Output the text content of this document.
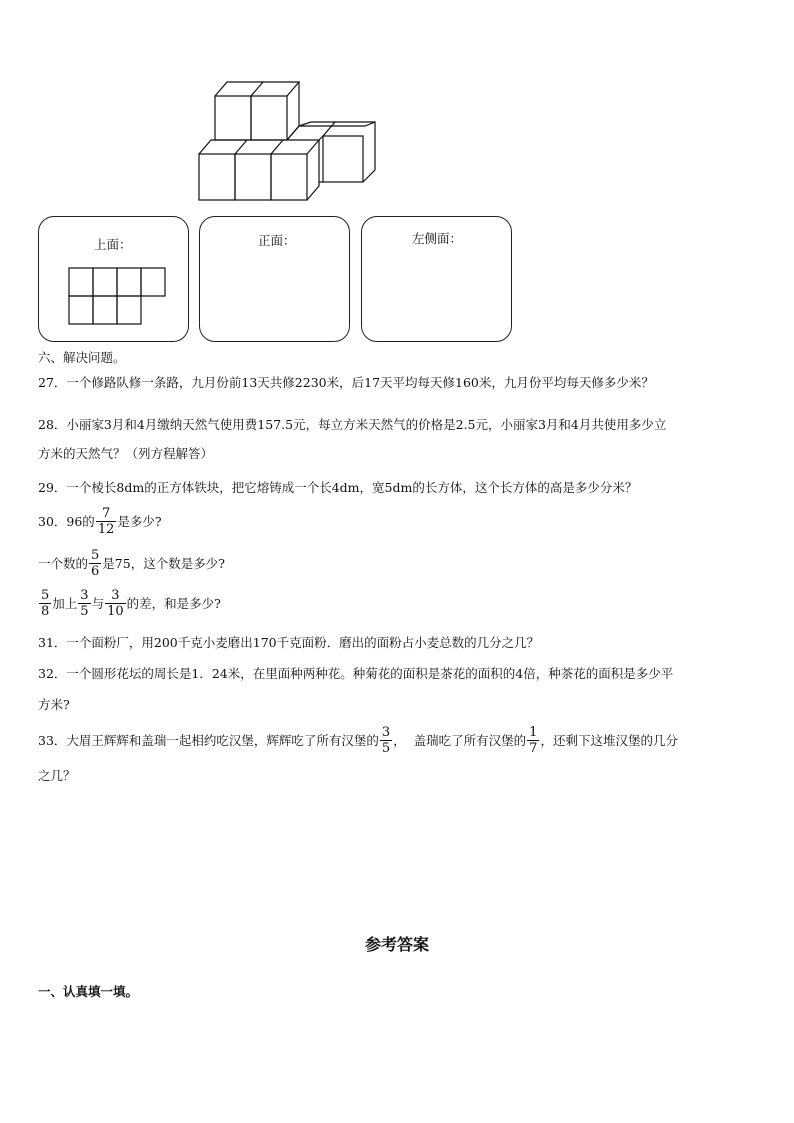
上面：	正面：	左侧面：
六、解决问题。
27．一个修路队修一条路，九月份前13天共修2230米，后17天平均每天修160米，九月份平均每天修多少米？
28．小丽家3月和4月缴纳天然气使用费157.5元，每立方米天然气的价格是2.5元，小丽家3月和4月共使用多少立
方米的天然气？（列方程解答）
29．一个棱长8dm的正方体铁块，把它熔铸成一个长4dm，宽5dm的长方体，这个长方体的高是多少分米？
30．96的 $\frac{7}{12}$ 是多少?
一个数的 $\frac{5}{6}$ 是75，这个数是多少?
$\frac{5}{8}$ 加上 $\frac{3}{5}$ 与 $\frac{3}{10}$ 的差，和是多少?
31．一个面粉厂，用200千克小麦磨出170千克面粉．磨出的面粉占小麦总数的几分之几？
32．一个圆形花坛的周长是1．24米，在里面种两种花。种菊花的面积是茶花的面积的4倍，种茶花的面积是多少平
方米?
33．大眉王辉辉和盖瑞一起相约吃汉堡，辉辉吃了所有汉堡的 $\frac{3}{5}$ ，  盖瑞吃了所有汉堡的 $\frac{1}{7}$ ，还剩下这堆汉堡的几分
之几？
参考答案
一、认真填一填。
